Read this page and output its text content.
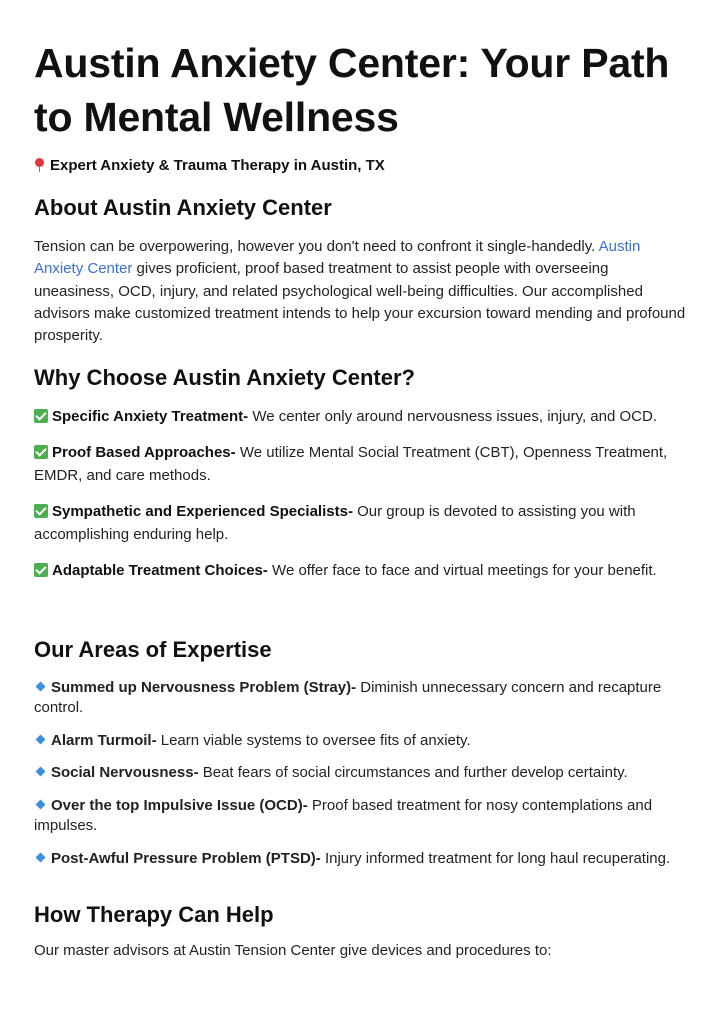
Austin Anxiety Center: Your Path to Mental Wellness
Expert Anxiety & Trauma Therapy in Austin, TX
About Austin Anxiety Center

Tension can be overpowering, however you don't need to confront it single-handedly. Austin Anxiety Center gives proficient, proof based treatment to assist people with overseeing uneasiness, OCD, injury, and related psychological well-being difficulties. Our accomplished advisors make customized treatment intends to help your excursion toward mending and profound prosperity.

Why Choose Austin Anxiety Center?

Specific Anxiety Treatment- We center only around nervousness issues, injury, and OCD.

Proof Based Approaches- We utilize Mental Social Treatment (CBT), Openness Treatment, EMDR, and care methods.

Sympathetic and Experienced Specialists- Our group is devoted to assisting you with accomplishing enduring help.

Adaptable Treatment Choices- We offer face to face and virtual meetings for your benefit.

Our Areas of Expertise

Summed up Nervousness Problem (Stray)- Diminish unnecessary concern and recapture control.

Alarm Turmoil- Learn viable systems to oversee fits of anxiety.

Social Nervousness- Beat fears of social circumstances and further develop certainty.

Over the top Impulsive Issue (OCD)- Proof based treatment for nosy contemplations and impulses.

Post-Awful Pressure Problem (PTSD)- Injury informed treatment for long haul recuperating.

How Therapy Can Help

Our master advisors at Austin Tension Center give devices and procedures to:
